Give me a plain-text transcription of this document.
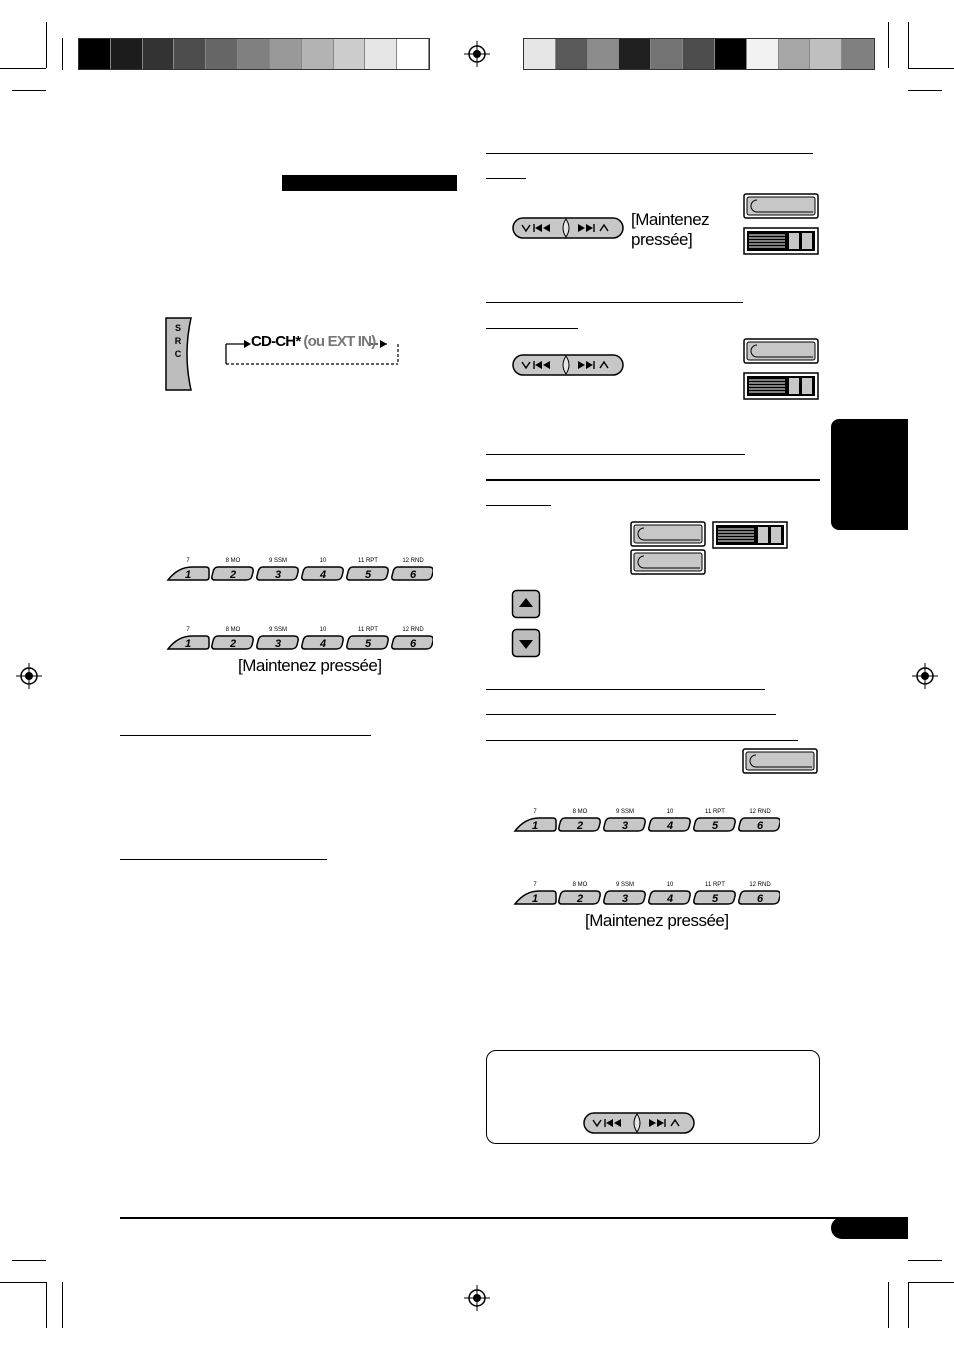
S
R
C
CD-CH* (ou EXT IN)
1
7
2
8 MO
3
9 SSM
4
10
5
11 RPT
6
12 RND
1
7
2
8 MO
3
9 SSM
4
10
5
11 RPT
6
12 RND
[Maintenez pressée]
1
7
2
8 MO
3
9 SSM
4
10
5
11 RPT
6
12 RND
1
7
2
8 MO
3
9 SSM
4
10
5
11 RPT
6
12 RND
[Maintenez pressée]
[Maintenez
pressée]
